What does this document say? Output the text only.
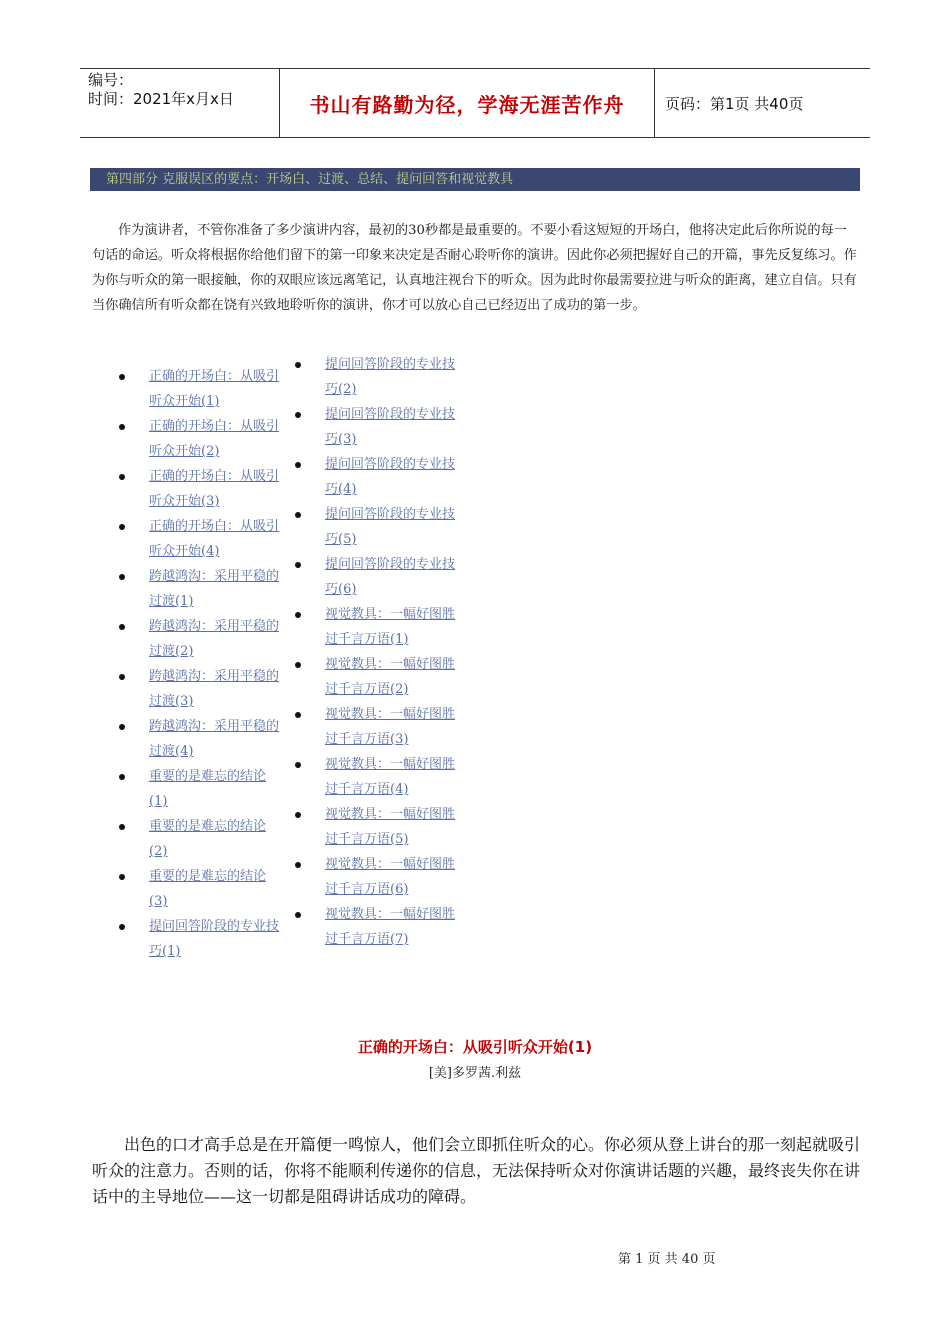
编号：
时间：2021年x月x日	书山有路勤为径，学海无涯苦作舟	页码：第1页 共40页
第四部分 克服误区的要点：开场白、过渡、总结、提问回答和视觉教具

作为演讲者，不管你准备了多少演讲内容，最初的30秒都是最重要的。不要小看这短短的开场白，他将决定此后你所说的每一句话的命运。听众将根据你给他们留下的第一印象来决定是否耐心聆听你的演讲。因此你必须把握好自己的开篇，事先反复练习。作为你与听众的第一眼接触，你的双眼应该远离笔记，认真地注视台下的听众。因为此时你最需要拉进与听众的距离，建立自信。只有当你确信所有听众都在饶有兴致地聆听你的演讲，你才可以放心自己已经迈出了成功的第一步。

正确的开场白：从吸引听众开始(1)
正确的开场白：从吸引听众开始(2)
正确的开场白：从吸引听众开始(3)
正确的开场白：从吸引听众开始(4)
跨越鸿沟：采用平稳的过渡(1)
跨越鸿沟：采用平稳的过渡(2)
跨越鸿沟：采用平稳的过渡(3)
跨越鸿沟：采用平稳的过渡(4)
重要的是难忘的结论(1)
重要的是难忘的结论(2)
重要的是难忘的结论(3)
提问回答阶段的专业技巧(1)
提问回答阶段的专业技巧(2)
提问回答阶段的专业技巧(3)
提问回答阶段的专业技巧(4)
提问回答阶段的专业技巧(5)
提问回答阶段的专业技巧(6)
视觉教具：一幅好图胜过千言万语(1)
视觉教具：一幅好图胜过千言万语(2)
视觉教具：一幅好图胜过千言万语(3)
视觉教具：一幅好图胜过千言万语(4)
视觉教具：一幅好图胜过千言万语(5)
视觉教具：一幅好图胜过千言万语(6)
视觉教具：一幅好图胜过千言万语(7)
正确的开场白：从吸引听众开始(1)
[美]多罗茜.利兹

出色的口才高手总是在开篇便一鸣惊人，他们会立即抓住听众的心。你必须从登上讲台的那一刻起就吸引听众的注意力。否则的话，你将不能顺利传递你的信息，无法保持听众对你演讲话题的兴趣，最终丧失你在讲话中的主导地位——这一切都是阻碍讲话成功的障碍。

第 1 页 共 40 页
